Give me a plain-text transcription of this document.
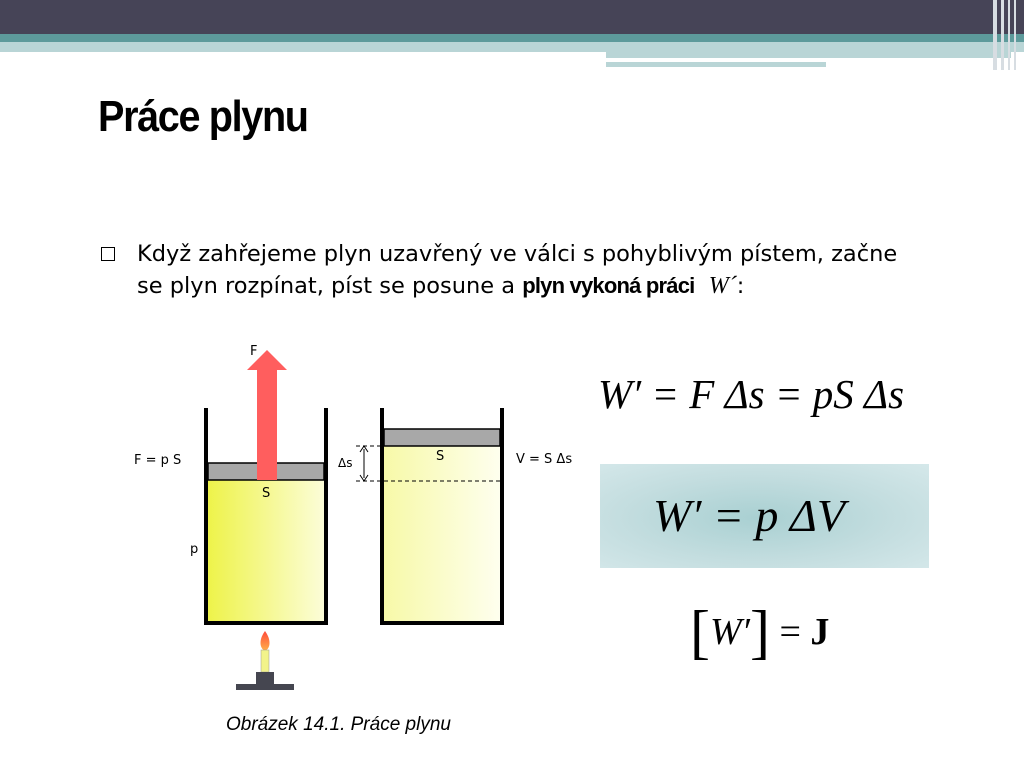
Práce plynu

Když zahřejeme plyn uzavřený ve válci s pohyblivým pístem, začne se plyn rozpínat, píst se posune a plyn vykoná práci W´:

F
F = p S
S
p
Δs	S	V = S Δs
W′ = F Δs = pS Δs
W′ = p ΔV
[W′] = J
Obrázek 14.1. Práce plynu
